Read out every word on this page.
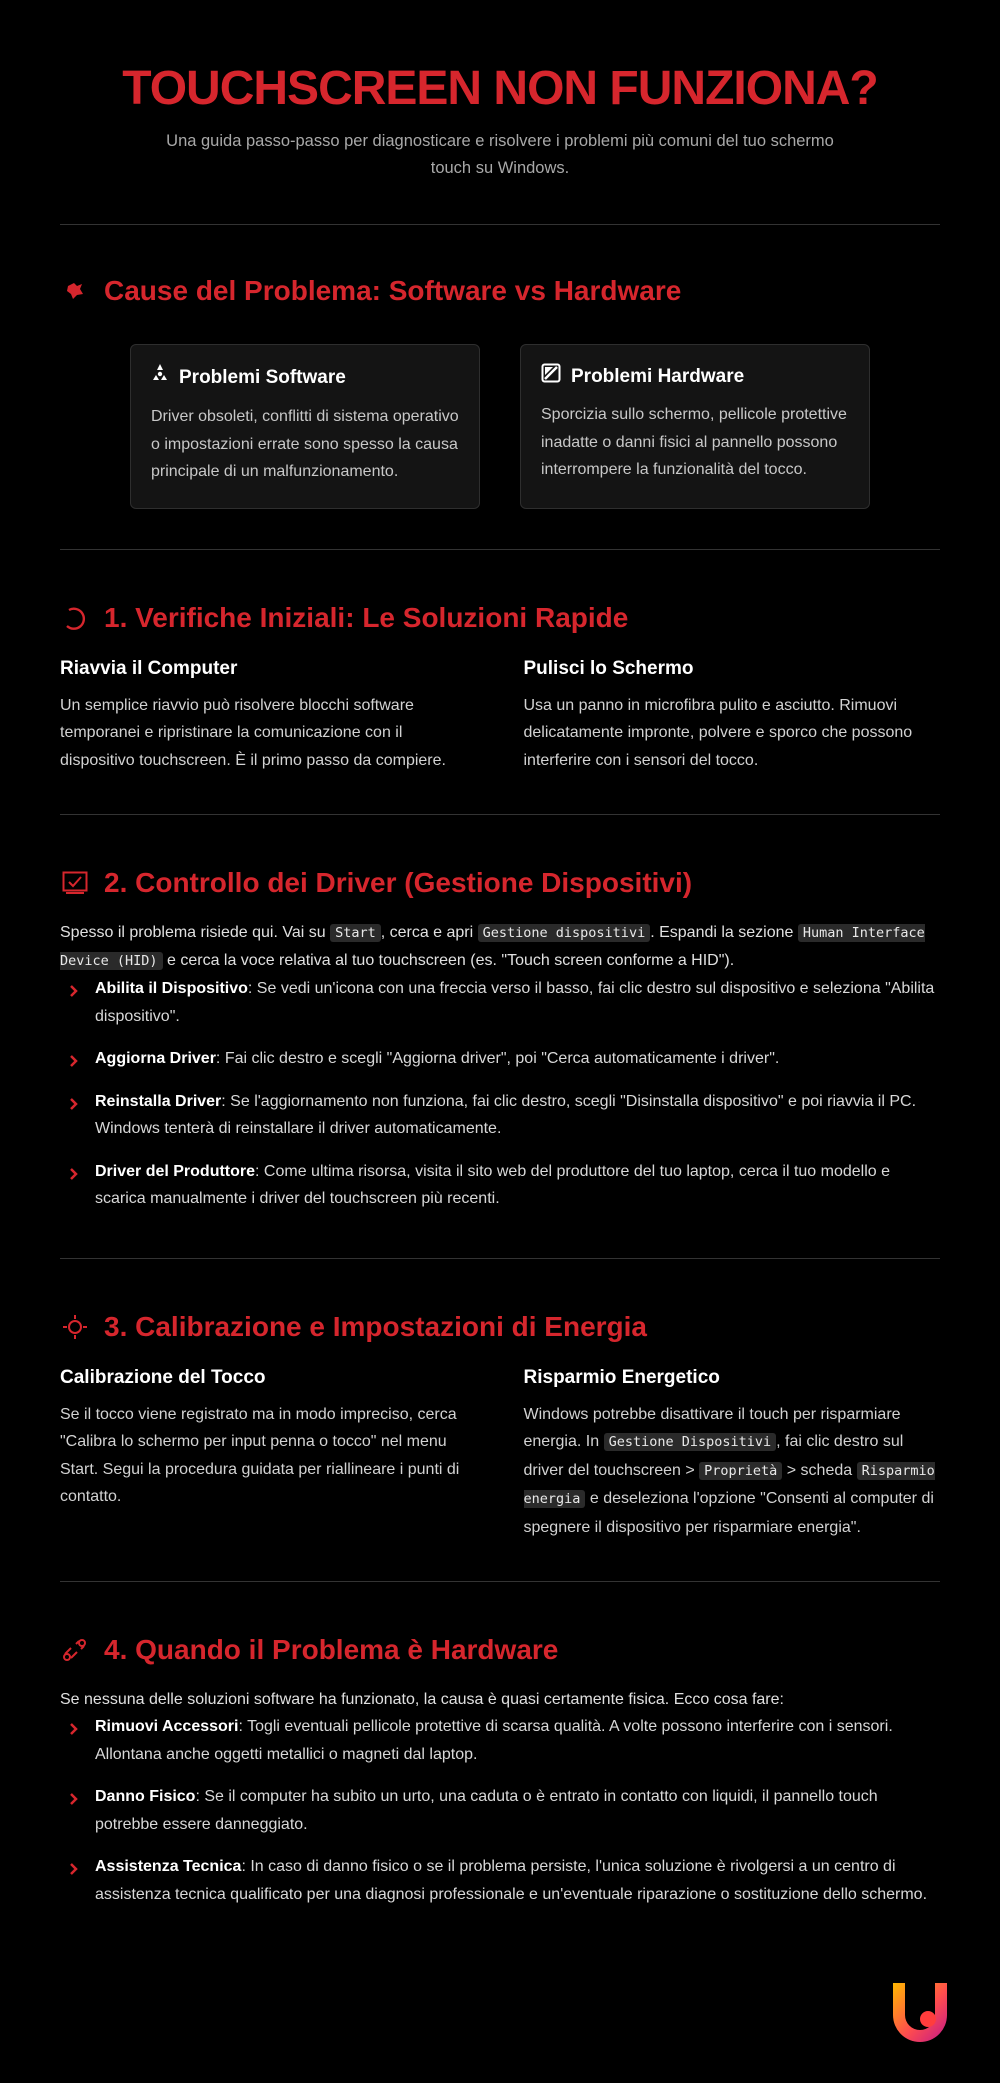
TOUCHSCREEN NON FUNZIONA?

Una guida passo-passo per diagnosticare e risolvere i problemi più comuni del tuo schermo touch su Windows.

Cause del Problema: Software vs Hardware
Problemi Software

Driver obsoleti, conflitti di sistema operativo o impostazioni errate sono spesso la causa principale di un malfunzionamento.

Problemi Hardware

Sporcizia sullo schermo, pellicole protettive inadatte o danni fisici al pannello possono interrompere la funzionalità del tocco.

1. Verifiche Iniziali: Le Soluzioni Rapide
Riavvia il Computer

Un semplice riavvio può risolvere blocchi software temporanei e ripristinare la comunicazione con il dispositivo touchscreen. È il primo passo da compiere.

Pulisci lo Schermo

Usa un panno in microfibra pulito e asciutto. Rimuovi delicatamente impronte, polvere e sporco che possono interferire con i sensori del tocco.

2. Controllo dei Driver (Gestione Dispositivi)

Spesso il problema risiede qui. Vai su Start , cerca e apri Gestione dispositivi . Espandi la sezione Human Interface Device (HID) e cerca la voce relativa al tuo touchscreen (es. "Touch screen conforme a HID").

Abilita il Dispositivo: Se vedi un'icona con una freccia verso il basso, fai clic destro sul dispositivo e seleziona "Abilita dispositivo".
Aggiorna Driver: Fai clic destro e scegli "Aggiorna driver", poi "Cerca automaticamente i driver".
Reinstalla Driver: Se l'aggiornamento non funziona, fai clic destro, scegli "Disinstalla dispositivo" e poi riavvia il PC. Windows tenterà di reinstallare il driver automaticamente.
Driver del Produttore: Come ultima risorsa, visita il sito web del produttore del tuo laptop, cerca il tuo modello e scarica manualmente i driver del touchscreen più recenti.
3. Calibrazione e Impostazioni di Energia
Calibrazione del Tocco

Se il tocco viene registrato ma in modo impreciso, cerca "Calibra lo schermo per input penna o tocco" nel menu Start. Segui la procedura guidata per riallineare i punti di contatto.

Risparmio Energetico

Windows potrebbe disattivare il touch per risparmiare energia. In Gestione Dispositivi , fai clic destro sul driver del touchscreen > Proprietà > scheda Risparmio energia e deseleziona l'opzione "Consenti al computer di spegnere il dispositivo per risparmiare energia".

4. Quando il Problema è Hardware

Se nessuna delle soluzioni software ha funzionato, la causa è quasi certamente fisica. Ecco cosa fare:

Rimuovi Accessori: Togli eventuali pellicole protettive di scarsa qualità. A volte possono interferire con i sensori. Allontana anche oggetti metallici o magneti dal laptop.
Danno Fisico: Se il computer ha subito un urto, una caduta o è entrato in contatto con liquidi, il pannello touch potrebbe essere danneggiato.
Assistenza Tecnica: In caso di danno fisico o se il problema persiste, l'unica soluzione è rivolgersi a un centro di assistenza tecnica qualificato per una diagnosi professionale e un'eventuale riparazione o sostituzione dello schermo.
